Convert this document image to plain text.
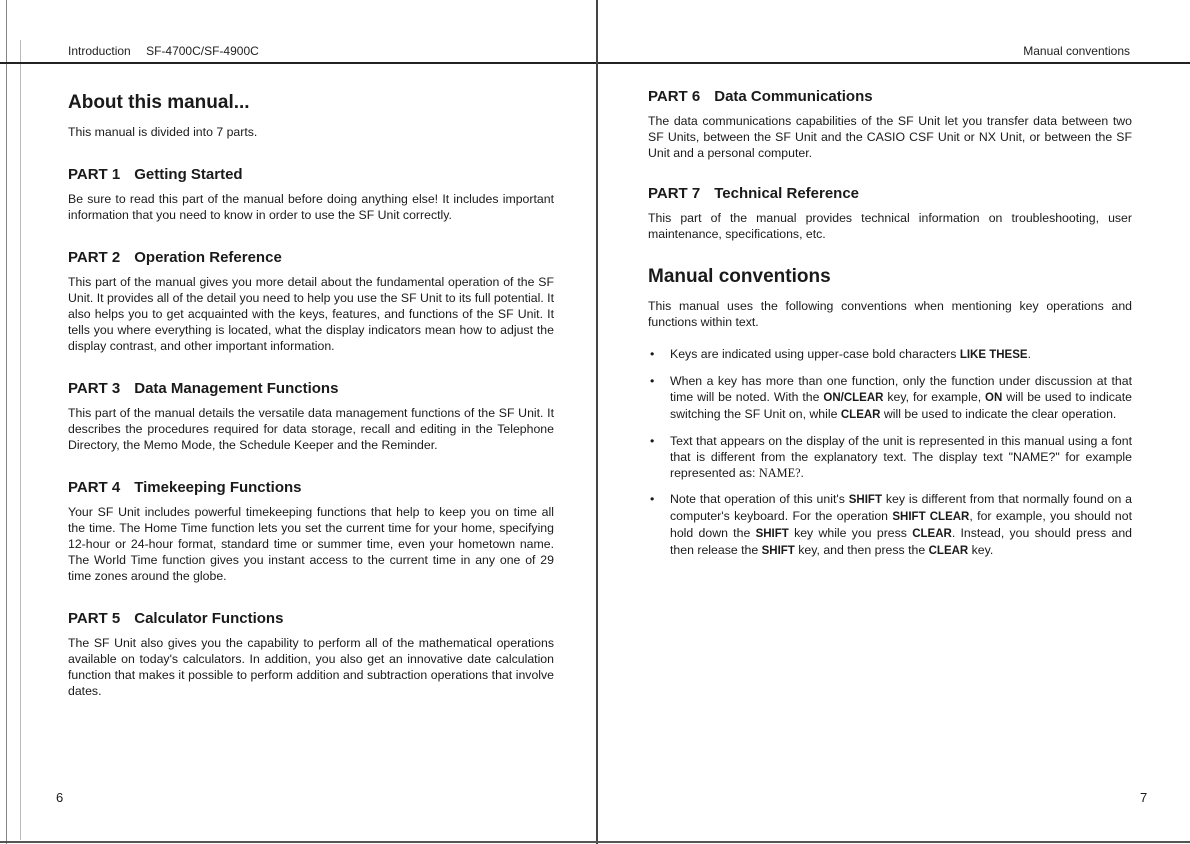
Introduction SF-4700C/SF-4900C	Manual conventions
About this manual...

This manual is divided into 7 parts.

PART 1 Getting Started

Be sure to read this part of the manual before doing anything else! It includes important information that you need to know in order to use the SF Unit correctly.

PART 2 Operation Reference

This part of the manual gives you more detail about the fundamental operation of the SF Unit. It provides all of the detail you need to help you use the SF Unit to its full potential. It also helps you to get acquainted with the keys, features, and functions of the SF Unit. It tells you where everything is located, what the display indicators mean how to adjust the display contrast, and other important information.

PART 3 Data Management Functions

This part of the manual details the versatile data management functions of the SF Unit. It describes the procedures required for data storage, recall and editing in the Telephone Directory, the Memo Mode, the Schedule Keeper and the Reminder.

PART 4 Timekeeping Functions

Your SF Unit includes powerful timekeeping functions that help to keep you on time all the time. The Home Time function lets you set the current time for your home, specifying 12-hour or 24-hour format, standard time or summer time, even your hometown name. The World Time function gives you instant access to the current time in any one of 29 time zones around the globe.

PART 5 Calculator Functions

The SF Unit also gives you the capability to perform all of the mathematical operations available on today's calculators. In addition, you also get an innovative date calculation function that makes it possible to perform addition and subtraction operations that involve dates.

PART 6 Data Communications

The data communications capabilities of the SF Unit let you transfer data between two SF Units, between the SF Unit and the CASIO CSF Unit or NX Unit, or between the SF Unit and a personal computer.

PART 7 Technical Reference

This part of the manual provides technical information on troubleshooting, user maintenance, specifications, etc.

Manual conventions

This manual uses the following conventions when mentioning key operations and functions within text.

• Keys are indicated using upper-case bold characters LIKE THESE.
• When a key has more than one function, only the function under discussion at that time will be noted. With the ON/CLEAR key, for example, ON will be used to indicate switching the SF Unit on, while CLEAR will be used to indicate the clear operation.
• Text that appears on the display of the unit is represented in this manual using a font that is different from the explanatory text. The display text "NAME?" for example represented as: NAME?.
• Note that operation of this unit's SHIFT key is different from that normally found on a computer's keyboard. For the operation SHIFT CLEAR, for example, you should not hold down the SHIFT key while you press CLEAR. Instead, you should press and then release the SHIFT key, and then press the CLEAR key.
6	7
